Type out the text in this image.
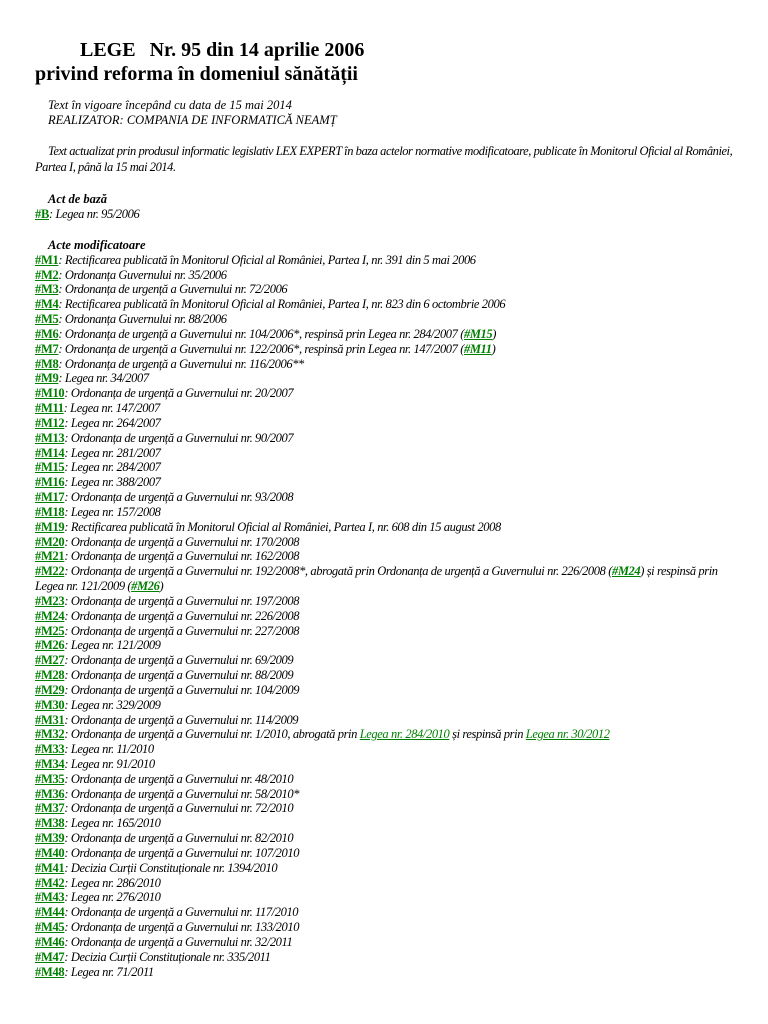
LEGE Nr. 95 din 14 aprilie 2006
privind reforma în domeniul sănătății
Text în vigoare începând cu data de 15 mai 2014
REALIZATOR: COMPANIA DE INFORMATICĂ NEAMȚ
Text actualizat prin produsul informatic legislativ LEX EXPERT în baza actelor normative modificatoare, publicate în Monitorul Oficial al României, Partea I, până la 15 mai 2014.
Act de bază
#B: Legea nr. 95/2006
Acte modificatoare
#M1: Rectificarea publicată în Monitorul Oficial al României, Partea I, nr. 391 din 5 mai 2006
#M2: Ordonanța Guvernului nr. 35/2006
#M3: Ordonanța de urgență a Guvernului nr. 72/2006
#M4: Rectificarea publicată în Monitorul Oficial al României, Partea I, nr. 823 din 6 octombrie 2006
#M5: Ordonanța Guvernului nr. 88/2006
#M6: Ordonanța de urgență a Guvernului nr. 104/2006*, respinsă prin Legea nr. 284/2007 (#M15)
#M7: Ordonanța de urgență a Guvernului nr. 122/2006*, respinsă prin Legea nr. 147/2007 (#M11)
#M8: Ordonanța de urgență a Guvernului nr. 116/2006**
#M9: Legea nr. 34/2007
#M10: Ordonanța de urgență a Guvernului nr. 20/2007
#M11: Legea nr. 147/2007
#M12: Legea nr. 264/2007
#M13: Ordonanța de urgență a Guvernului nr. 90/2007
#M14: Legea nr. 281/2007
#M15: Legea nr. 284/2007
#M16: Legea nr. 388/2007
#M17: Ordonanța de urgență a Guvernului nr. 93/2008
#M18: Legea nr. 157/2008
#M19: Rectificarea publicată în Monitorul Oficial al României, Partea I, nr. 608 din 15 august 2008
#M20: Ordonanța de urgență a Guvernului nr. 170/2008
#M21: Ordonanța de urgență a Guvernului nr. 162/2008
#M22: Ordonanța de urgență a Guvernului nr. 192/2008*, abrogată prin Ordonanța de urgență a Guvernului nr. 226/2008 (#M24) și respinsă prin Legea nr. 121/2009 (#M26)
#M23: Ordonanța de urgență a Guvernului nr. 197/2008
#M24: Ordonanța de urgență a Guvernului nr. 226/2008
#M25: Ordonanța de urgență a Guvernului nr. 227/2008
#M26: Legea nr. 121/2009
#M27: Ordonanța de urgență a Guvernului nr. 69/2009
#M28: Ordonanța de urgență a Guvernului nr. 88/2009
#M29: Ordonanța de urgență a Guvernului nr. 104/2009
#M30: Legea nr. 329/2009
#M31: Ordonanța de urgență a Guvernului nr. 114/2009
#M32: Ordonanța de urgență a Guvernului nr. 1/2010, abrogată prin Legea nr. 284/2010 și respinsă prin Legea nr. 30/2012
#M33: Legea nr. 11/2010
#M34: Legea nr. 91/2010
#M35: Ordonanța de urgență a Guvernului nr. 48/2010
#M36: Ordonanța de urgență a Guvernului nr. 58/2010*
#M37: Ordonanța de urgență a Guvernului nr. 72/2010
#M38: Legea nr. 165/2010
#M39: Ordonanța de urgență a Guvernului nr. 82/2010
#M40: Ordonanța de urgență a Guvernului nr. 107/2010
#M41: Decizia Curții Constituționale nr. 1394/2010
#M42: Legea nr. 286/2010
#M43: Legea nr. 276/2010
#M44: Ordonanța de urgență a Guvernului nr. 117/2010
#M45: Ordonanța de urgență a Guvernului nr. 133/2010
#M46: Ordonanța de urgență a Guvernului nr. 32/2011
#M47: Decizia Curții Constituționale nr. 335/2011
#M48: Legea nr. 71/2011
